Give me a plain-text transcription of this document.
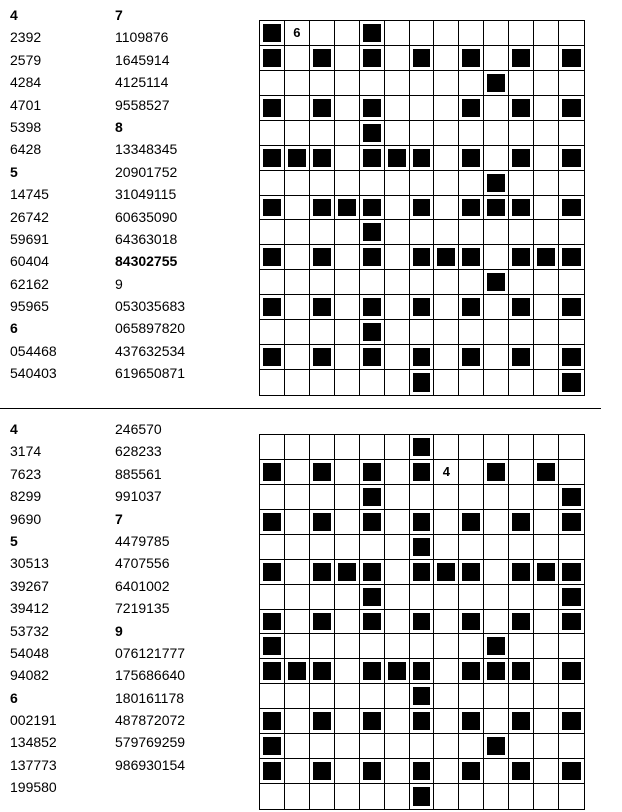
4
2392
2579
4284
4701
5398
6428
5
14745
26742
59691
60404
62162
95965
6
054468
540403
7
1109876
1645914
4125114
9558527
8
13348345
20901752
31049115
60635090
64363018
84302755
9
053035683
065897820
437632534
619650871
6
4
3174
7623
8299
9690
5
30513
39267
39412
53732
54048
94082
6
002191
134852
137773
199580
246570
628233
885561
991037
7
4479785
4707556
6401002
7219135
9
076121777
175686640
180161178
487872072
579769259
986930154
4
